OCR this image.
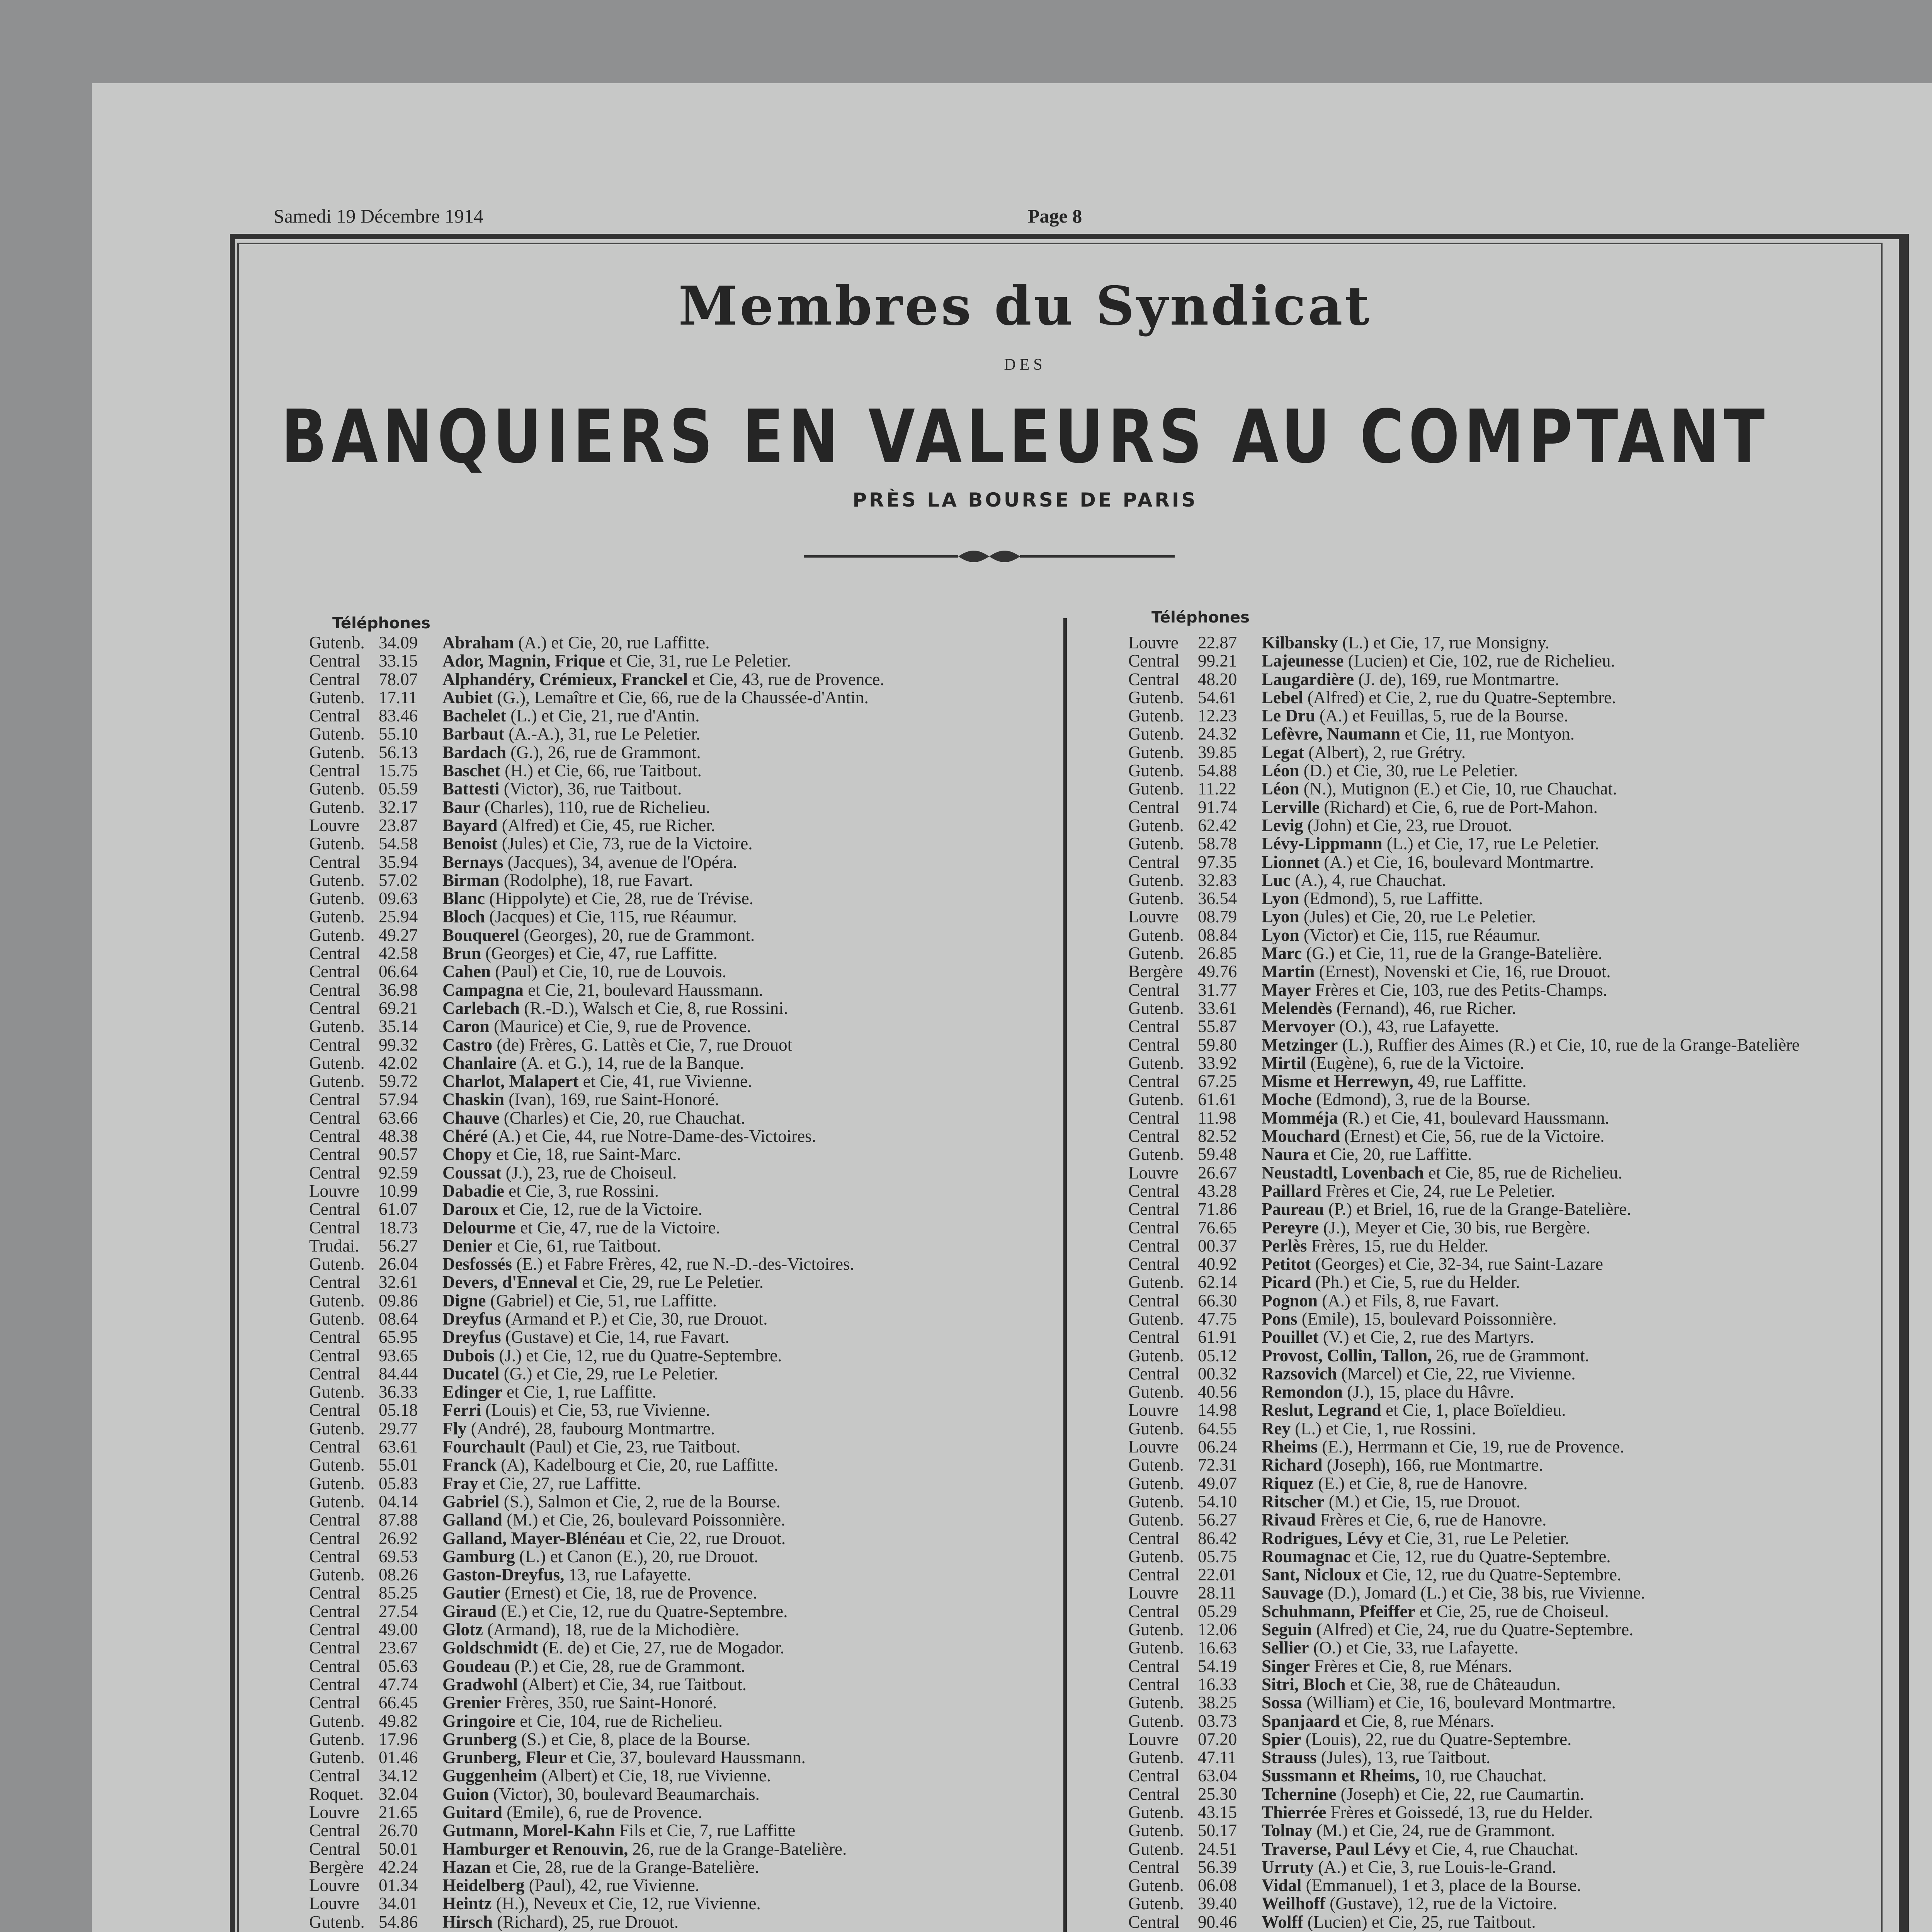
Samedi 19 Décembre 1914	Page 8
Membres du Syndicat
DES
BANQUIERS EN VALEURS AU COMPTANT
PRÈS LA BOURSE DE PARIS
Téléphones	Téléphones
Gutenb. 34.09 Abraham (A.) et Cie, 20, rue Laffitte.
Central 33.15 Ador, Magnin, Frique et Cie, 31, rue Le Peletier.
Central 78.07 Alphandéry, Crémieux, Franckel et Cie, 43, rue de Provence.
Gutenb. 17.11 Aubiet (G.), Lemaître et Cie, 66, rue de la Chaussée-d'Antin.
Central 83.46 Bachelet (L.) et Cie, 21, rue d'Antin.
Gutenb. 55.10 Barbaut (A.-A.), 31, rue Le Peletier.
Gutenb. 56.13 Bardach (G.), 26, rue de Grammont.
Central 15.75 Baschet (H.) et Cie, 66, rue Taitbout.
Gutenb. 05.59 Battesti (Victor), 36, rue Taitbout.
Gutenb. 32.17 Baur (Charles), 110, rue de Richelieu.
Louvre 23.87 Bayard (Alfred) et Cie, 45, rue Richer.
Gutenb. 54.58 Benoist (Jules) et Cie, 73, rue de la Victoire.
Central 35.94 Bernays (Jacques), 34, avenue de l'Opéra.
Gutenb. 57.02 Birman (Rodolphe), 18, rue Favart.
Gutenb. 09.63 Blanc (Hippolyte) et Cie, 28, rue de Trévise.
Gutenb. 25.94 Bloch (Jacques) et Cie, 115, rue Réaumur.
Gutenb. 49.27 Bouquerel (Georges), 20, rue de Grammont.
Central 42.58 Brun (Georges) et Cie, 47, rue Laffitte.
Central 06.64 Cahen (Paul) et Cie, 10, rue de Louvois.
Central 36.98 Campagna et Cie, 21, boulevard Haussmann.
Central 69.21 Carlebach (R.-D.), Walsch et Cie, 8, rue Rossini.
Gutenb. 35.14 Caron (Maurice) et Cie, 9, rue de Provence.
Central 99.32 Castro (de) Frères, G. Lattès et Cie, 7, rue Drouot
Gutenb. 42.02 Chanlaire (A. et G.), 14, rue de la Banque.
Gutenb. 59.72 Charlot, Malapert et Cie, 41, rue Vivienne.
Central 57.94 Chaskin (Ivan), 169, rue Saint-Honoré.
Central 63.66 Chauve (Charles) et Cie, 20, rue Chauchat.
Central 48.38 Chéré (A.) et Cie, 44, rue Notre-Dame-des-Victoires.
Central 90.57 Chopy et Cie, 18, rue Saint-Marc.
Central 92.59 Coussat (J.), 23, rue de Choiseul.
Louvre 10.99 Dabadie et Cie, 3, rue Rossini.
Central 61.07 Daroux et Cie, 12, rue de la Victoire.
Central 18.73 Delourme et Cie, 47, rue de la Victoire.
Trudai. 56.27 Denier et Cie, 61, rue Taitbout.
Gutenb. 26.04 Desfossés (E.) et Fabre Frères, 42, rue N.-D.-des-Victoires.
Central 32.61 Devers, d'Enneval et Cie, 29, rue Le Peletier.
Gutenb. 09.86 Digne (Gabriel) et Cie, 51, rue Laffitte.
Gutenb. 08.64 Dreyfus (Armand et P.) et Cie, 30, rue Drouot.
Central 65.95 Dreyfus (Gustave) et Cie, 14, rue Favart.
Central 93.65 Dubois (J.) et Cie, 12, rue du Quatre-Septembre.
Central 84.44 Ducatel (G.) et Cie, 29, rue Le Peletier.
Gutenb. 36.33 Edinger et Cie, 1, rue Laffitte.
Central 05.18 Ferri (Louis) et Cie, 53, rue Vivienne.
Gutenb. 29.77 Fly (André), 28, faubourg Montmartre.
Central 63.61 Fourchault (Paul) et Cie, 23, rue Taitbout.
Gutenb. 55.01 Franck (A), Kadelbourg et Cie, 20, rue Laffitte.
Gutenb. 05.83 Fray et Cie, 27, rue Laffitte.
Gutenb. 04.14 Gabriel (S.), Salmon et Cie, 2, rue de la Bourse.
Central 87.88 Galland (M.) et Cie, 26, boulevard Poissonnière.
Central 26.92 Galland, Mayer-Blénéau et Cie, 22, rue Drouot.
Central 69.53 Gamburg (L.) et Canon (E.), 20, rue Drouot.
Gutenb. 08.26 Gaston-Dreyfus, 13, rue Lafayette.
Central 85.25 Gautier (Ernest) et Cie, 18, rue de Provence.
Central 27.54 Giraud (E.) et Cie, 12, rue du Quatre-Septembre.
Central 49.00 Glotz (Armand), 18, rue de la Michodière.
Central 23.67 Goldschmidt (E. de) et Cie, 27, rue de Mogador.
Central 05.63 Goudeau (P.) et Cie, 28, rue de Grammont.
Central 47.74 Gradwohl (Albert) et Cie, 34, rue Taitbout.
Central 66.45 Grenier Frères, 350, rue Saint-Honoré.
Gutenb. 49.82 Gringoire et Cie, 104, rue de Richelieu.
Gutenb. 17.96 Grunberg (S.) et Cie, 8, place de la Bourse.
Gutenb. 01.46 Grunberg, Fleur et Cie, 37, boulevard Haussmann.
Central 34.12 Guggenheim (Albert) et Cie, 18, rue Vivienne.
Roquet. 32.04 Guion (Victor), 30, boulevard Beaumarchais.
Louvre 21.65 Guitard (Emile), 6, rue de Provence.
Central 26.70 Gutmann, Morel-Kahn Fils et Cie, 7, rue Laffitte
Central 50.01 Hamburger et Renouvin, 26, rue de la Grange-Batelière.
Bergère 42.24 Hazan et Cie, 28, rue de la Grange-Batelière.
Louvre 01.34 Heidelberg (Paul), 42, rue Vivienne.
Louvre 34.01 Heintz (H.), Neveux et Cie, 12, rue Vivienne.
Gutenb. 54.86 Hirsch (Richard), 25, rue Drouot.
Louvre 22.87 Kilbansky (L.) et Cie, 17, rue Monsigny.
Central 99.21 Lajeunesse (Lucien) et Cie, 102, rue de Richelieu.
Central 48.20 Laugardière (J. de), 169, rue Montmartre.
Gutenb. 54.61 Lebel (Alfred) et Cie, 2, rue du Quatre-Septembre.
Gutenb. 12.23 Le Dru (A.) et Feuillas, 5, rue de la Bourse.
Gutenb. 24.32 Lefèvre, Naumann et Cie, 11, rue Montyon.
Gutenb. 39.85 Legat (Albert), 2, rue Grétry.
Gutenb. 54.88 Léon (D.) et Cie, 30, rue Le Peletier.
Gutenb. 11.22 Léon (N.), Mutignon (E.) et Cie, 10, rue Chauchat.
Central 91.74 Lerville (Richard) et Cie, 6, rue de Port-Mahon.
Gutenb. 62.42 Levig (John) et Cie, 23, rue Drouot.
Gutenb. 58.78 Lévy-Lippmann (L.) et Cie, 17, rue Le Peletier.
Central 97.35 Lionnet (A.) et Cie, 16, boulevard Montmartre.
Gutenb. 32.83 Luc (A.), 4, rue Chauchat.
Gutenb. 36.54 Lyon (Edmond), 5, rue Laffitte.
Louvre 08.79 Lyon (Jules) et Cie, 20, rue Le Peletier.
Gutenb. 08.84 Lyon (Victor) et Cie, 115, rue Réaumur.
Gutenb. 26.85 Marc (G.) et Cie, 11, rue de la Grange-Batelière.
Bergère 49.76 Martin (Ernest), Novenski et Cie, 16, rue Drouot.
Central 31.77 Mayer Frères et Cie, 103, rue des Petits-Champs.
Gutenb. 33.61 Melendès (Fernand), 46, rue Richer.
Central 55.87 Mervoyer (O.), 43, rue Lafayette.
Central 59.80 Metzinger (L.), Ruffier des Aimes (R.) et Cie, 10, rue de la Grange-Batelière
Gutenb. 33.92 Mirtil (Eugène), 6, rue de la Victoire.
Central 67.25 Misme et Herrewyn, 49, rue Laffitte.
Gutenb. 61.61 Moche (Edmond), 3, rue de la Bourse.
Central 11.98 Momméja (R.) et Cie, 41, boulevard Haussmann.
Central 82.52 Mouchard (Ernest) et Cie, 56, rue de la Victoire.
Gutenb. 59.48 Naura et Cie, 20, rue Laffitte.
Louvre 26.67 Neustadtl, Lovenbach et Cie, 85, rue de Richelieu.
Central 43.28 Paillard Frères et Cie, 24, rue Le Peletier.
Central 71.86 Paureau (P.) et Briel, 16, rue de la Grange-Batelière.
Central 76.65 Pereyre (J.), Meyer et Cie, 30 bis, rue Bergère.
Central 00.37 Perlès Frères, 15, rue du Helder.
Central 40.92 Petitot (Georges) et Cie, 32-34, rue Saint-Lazare
Gutenb. 62.14 Picard (Ph.) et Cie, 5, rue du Helder.
Central 66.30 Pognon (A.) et Fils, 8, rue Favart.
Gutenb. 47.75 Pons (Emile), 15, boulevard Poissonnière.
Central 61.91 Pouillet (V.) et Cie, 2, rue des Martyrs.
Gutenb. 05.12 Provost, Collin, Tallon, 26, rue de Grammont.
Central 00.32 Razsovich (Marcel) et Cie, 22, rue Vivienne.
Gutenb. 40.56 Remondon (J.), 15, place du Hâvre.
Louvre 14.98 Reslut, Legrand et Cie, 1, place Boïeldieu.
Gutenb. 64.55 Rey (L.) et Cie, 1, rue Rossini.
Louvre 06.24 Rheims (E.), Herrmann et Cie, 19, rue de Provence.
Gutenb. 72.31 Richard (Joseph), 166, rue Montmartre.
Gutenb. 49.07 Riquez (E.) et Cie, 8, rue de Hanovre.
Gutenb. 54.10 Ritscher (M.) et Cie, 15, rue Drouot.
Gutenb. 56.27 Rivaud Frères et Cie, 6, rue de Hanovre.
Central 86.42 Rodrigues, Lévy et Cie, 31, rue Le Peletier.
Gutenb. 05.75 Roumagnac et Cie, 12, rue du Quatre-Septembre.
Central 22.01 Sant, Nicloux et Cie, 12, rue du Quatre-Septembre.
Louvre 28.11 Sauvage (D.), Jomard (L.) et Cie, 38 bis, rue Vivienne.
Central 05.29 Schuhmann, Pfeiffer et Cie, 25, rue de Choiseul.
Gutenb. 12.06 Seguin (Alfred) et Cie, 24, rue du Quatre-Septembre.
Gutenb. 16.63 Sellier (O.) et Cie, 33, rue Lafayette.
Central 54.19 Singer Frères et Cie, 8, rue Ménars.
Central 16.33 Sitri, Bloch et Cie, 38, rue de Châteaudun.
Gutenb. 38.25 Sossa (William) et Cie, 16, boulevard Montmartre.
Gutenb. 03.73 Spanjaard et Cie, 8, rue Ménars.
Louvre 07.20 Spier (Louis), 22, rue du Quatre-Septembre.
Gutenb. 47.11 Strauss (Jules), 13, rue Taitbout.
Central 63.04 Sussmann et Rheims, 10, rue Chauchat.
Central 25.30 Tchernine (Joseph) et Cie, 22, rue Caumartin.
Gutenb. 43.15 Thierrée Frères et Goissedé, 13, rue du Helder.
Gutenb. 50.17 Tolnay (M.) et Cie, 24, rue de Grammont.
Gutenb. 24.51 Traverse, Paul Lévy et Cie, 4, rue Chauchat.
Central 56.39 Urruty (A.) et Cie, 3, rue Louis-le-Grand.
Gutenb. 06.08 Vidal (Emmanuel), 1 et 3, place de la Bourse.
Gutenb. 39.40 Weilhoff (Gustave), 12, rue de la Victoire.
Central 90.46 Wolff (Lucien) et Cie, 25, rue Taitbout.
